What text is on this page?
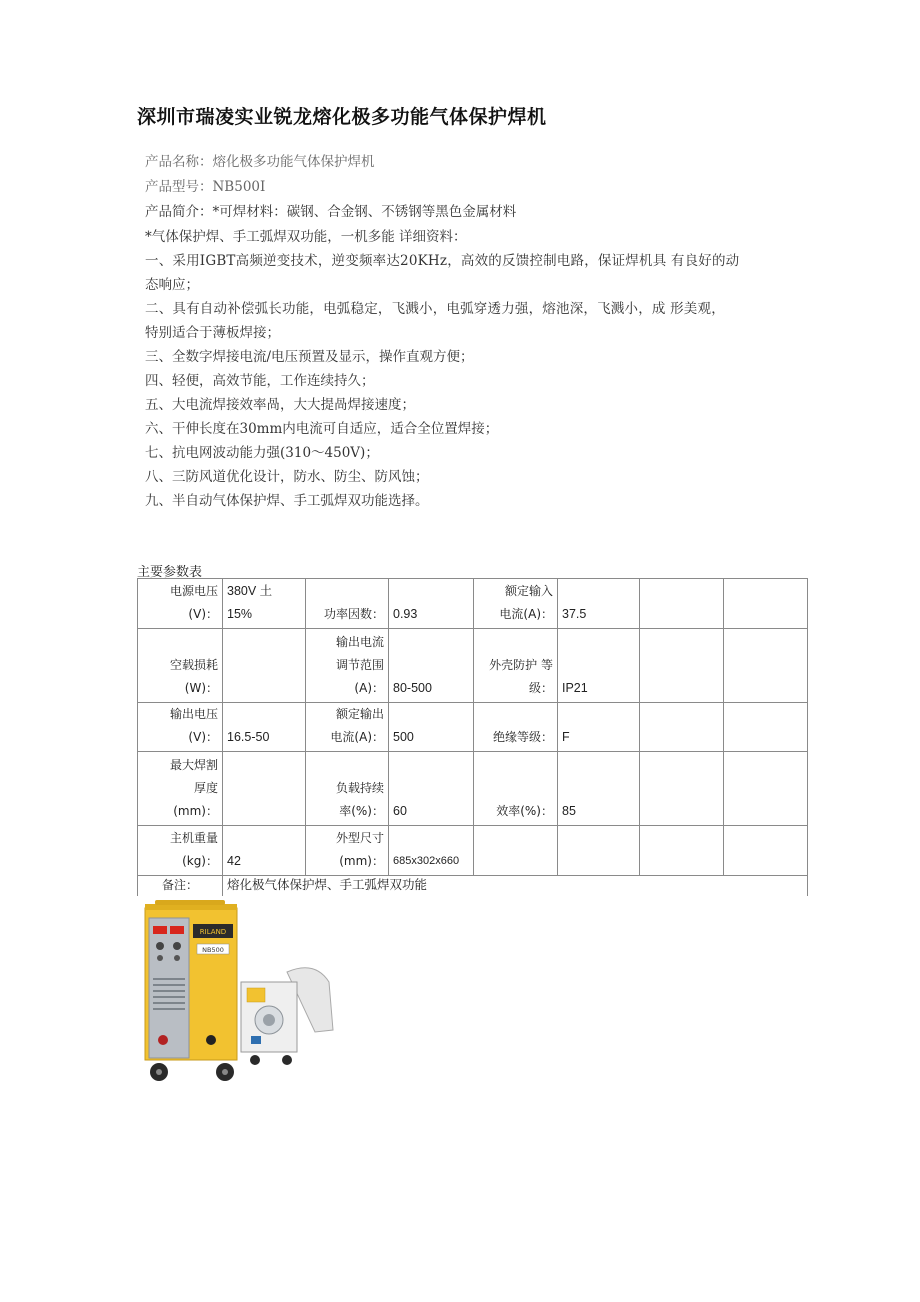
深圳市瑞凌实业锐龙熔化极多功能气体保护焊机
产品名称：熔化极多功能气体保护焊机
产品型号：NB500I
产品简介：*可焊材料：碳钢、合金钢、不锈钢等黑色金属材料
*气体保护焊、手工弧焊双功能，一机多能 详细资料：
一、采用IGBT高频逆变技术，逆变频率达20KHz，高效的反馈控制电路，保证焊机具 有良好的动
态响应；
二、具有自动补偿弧长功能，电弧稳定，飞溅小，电弧穿透力强，熔池深，飞溅小，成 形美观，
特别适合于薄板焊接；
三、全数字焊接电流/电压预置及显示，操作直观方便；
四、轻便，高效节能，工作连续持久；
五、大电流焊接效率咼，大大提咼焊接速度；
六、干伸长度在30mm内电流可自适应，适合全位置焊接；
七、抗电网波动能力强(310〜450V)；
八、三防风道优化设计，防水、防尘、防风蚀；
九、半自动气体保护焊、手工弧焊双功能选择。
主要参数表
电源电压
(V)：	380V 土
15%	功率因数：	0.93	额定输入
电流(A)：	37.5		

空载损耗
(W)：		输出电流
调节范围
(A)：	80-500	外壳防护 等
级：	IP21		

输出电压
(V)：	16.5-50	额定输出
电流(A)：	500	绝缘等级：	F		

最大焊割
厚度
(mm)：		负载持续
率(%)：	60	效率(%)：	85		

主机重量
(kg)：	42	外型尺寸
(mm)：	685x302x660				

备注：	熔化极气体保护焊、手工弧焊双功能						
RILAND
NB500
